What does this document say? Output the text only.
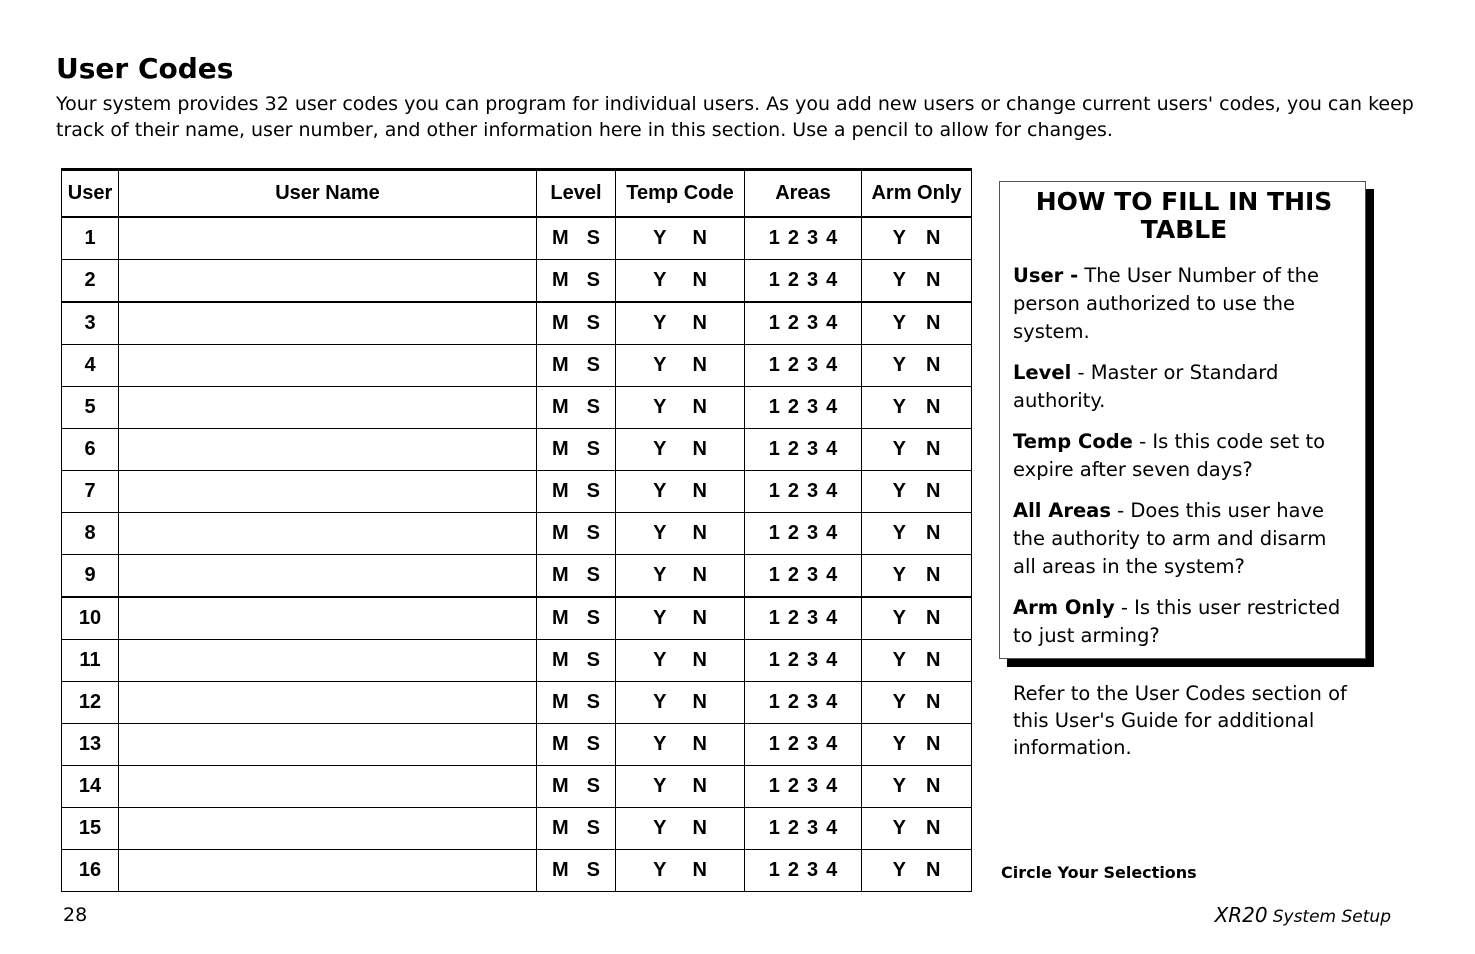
User Codes

Your system provides 32 user codes you can program for individual users. As you add new users or change current users' codes, you can keep track of their name, user number, and other information here in this section. Use a pencil to allow for changes.

User	User Name	Level	Temp Code	Areas	Arm Only
1		M S	Y N	1 2 3 4	Y N
2		M S	Y N	1 2 3 4	Y N
3		M S	Y N	1 2 3 4	Y N
4		M S	Y N	1 2 3 4	Y N
5		M S	Y N	1 2 3 4	Y N
6		M S	Y N	1 2 3 4	Y N
7		M S	Y N	1 2 3 4	Y N
8		M S	Y N	1 2 3 4	Y N
9		M S	Y N	1 2 3 4	Y N
10		M S	Y N	1 2 3 4	Y N
11		M S	Y N	1 2 3 4	Y N
12		M S	Y N	1 2 3 4	Y N
13		M S	Y N	1 2 3 4	Y N
14		M S	Y N	1 2 3 4	Y N
15		M S	Y N	1 2 3 4	Y N
16		M S	Y N	1 2 3 4	Y N
HOW TO FILL IN THIS TABLE

User - The User Number of the person authorized to use the system.

Level - Master or Standard authority.

Temp Code - Is this code set to expire after seven days?

All Areas - Does this user have the authority to arm and disarm all areas in the system?

Arm Only - Is this user restricted to just arming?

Refer to the User Codes section of this User's Guide for additional information.

Circle Your Selections

28	XR20 System Setup
